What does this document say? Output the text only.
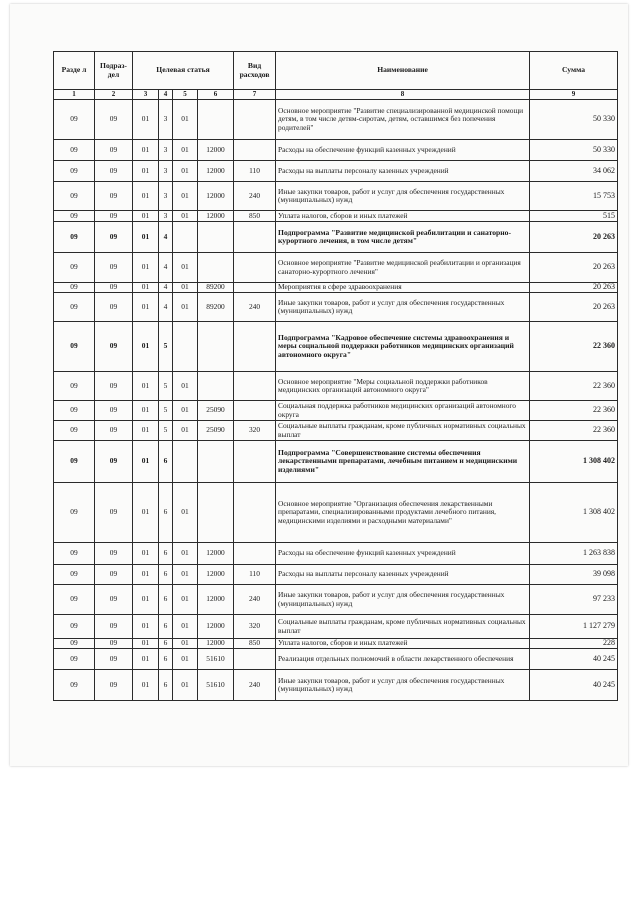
Разде л	Подраз- дел	Целевая статья				Вид расходов	Наименование	Сумма
1	2	3	4	5	6	7	8	9
09	09	01	3	01			Основное мероприятие "Развитие специализированной медицинской помощи детям, в том числе детям-сиротам, детям, оставшимся без попечения родителей"	50 330
09	09	01	3	01	12000		Расходы на обеспечение функций казенных учреждений	50 330
09	09	01	3	01	12000	110	Расходы на выплаты персоналу казенных учреждений	34 062
09	09	01	3	01	12000	240	Иные закупки товаров, работ и услуг для обеспечения государственных (муниципальных) нужд	15 753
09	09	01	3	01	12000	850	Уплата налогов, сборов и иных платежей	515
09	09	01	4				Подпрограмма "Развитие медицинской реабилитации и санаторно-курортного лечения, в том числе детям"	20 263
09	09	01	4	01			Основное мероприятие "Развитие медицинской реабилитации и организация санаторно-курортного лечения"	20 263
09	09	01	4	01	89200		Мероприятия в сфере здравоохранения	20 263
09	09	01	4	01	89200	240	Иные закупки товаров, работ и услуг для обеспечения государственных (муниципальных) нужд	20 263
09	09	01	5				Подпрограмма "Кадровое обеспечение системы здравоохранения и меры социальной поддержки работников медицинских организаций автономного округа"	22 360
09	09	01	5	01			Основное мероприятие "Меры социальной поддержки работников медицинских организаций автономного округа"	22 360
09	09	01	5	01	25090		Социальная поддержка работников медицинских организаций автономного округа	22 360
09	09	01	5	01	25090	320	Социальные выплаты гражданам, кроме публичных нормативных социальных выплат	22 360
09	09	01	6				Подпрограмма "Совершенствование системы обеспечения лекарственными препаратами, лечебным питанием и медицинскими изделиями"	1 308 402
09	09	01	6	01			Основное мероприятие "Организация обеспечения лекарственными препаратами, специализированными продуктами лечебного питания, медицинскими изделиями и расходными материалами"	1 308 402
09	09	01	6	01	12000		Расходы на обеспечение функций казенных учреждений	1 263 838
09	09	01	6	01	12000	110	Расходы на выплаты персоналу казенных учреждений	39 098
09	09	01	6	01	12000	240	Иные закупки товаров, работ и услуг для обеспечения государственных (муниципальных) нужд	97 233
09	09	01	6	01	12000	320	Социальные выплаты гражданам, кроме публичных нормативных социальных выплат	1 127 279
09	09	01	6	01	12000	850	Уплата налогов, сборов и иных платежей	228
09	09	01	6	01	51610		Реализация отдельных полномочий в области лекарственного обеспечения	40 245
09	09	01	6	01	51610	240	Иные закупки товаров, работ и услуг для обеспечения государственных (муниципальных) нужд	40 245
